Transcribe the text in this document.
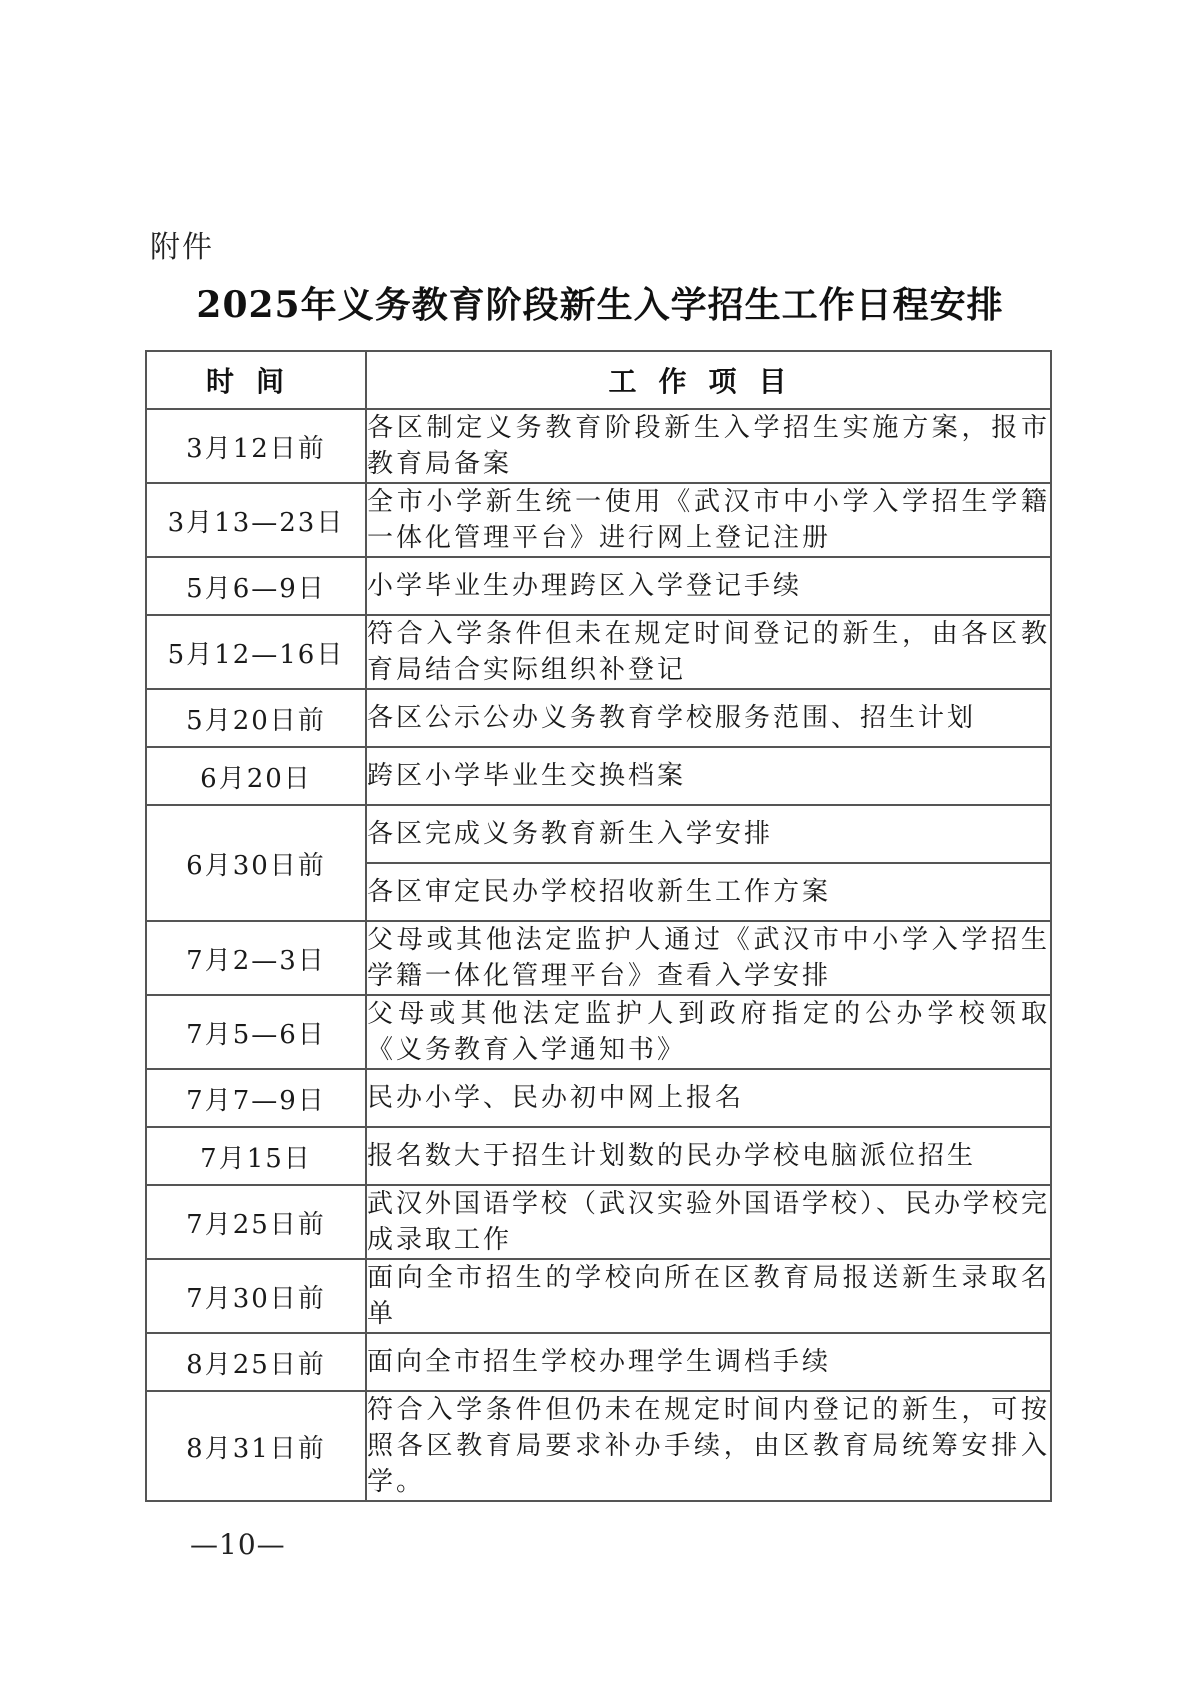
附件
2025年义务教育阶段新生入学招生工作日程安排
时间	工作项目
3月12日前	各区制定义务教育阶段新生入学招生实施方案，报市教育局备案
3月13—23日	全市小学新生统一使用《武汉市中小学入学招生学籍一体化管理平台》进行网上登记注册
5月6—9日	小学毕业生办理跨区入学登记手续
5月12—16日	符合入学条件但未在规定时间登记的新生，由各区教育局结合实际组织补登记
5月20日前	各区公示公办义务教育学校服务范围、招生计划
6月20日	跨区小学毕业生交换档案
6月30日前	各区完成义务教育新生入学安排
	各区审定民办学校招收新生工作方案
7月2—3日	父母或其他法定监护人通过《武汉市中小学入学招生学籍一体化管理平台》查看入学安排
7月5—6日	父母或其他法定监护人到政府指定的公办学校领取《义务教育入学通知书》
7月7—9日	民办小学、民办初中网上报名
7月15日	报名数大于招生计划数的民办学校电脑派位招生
7月25日前	武汉外国语学校（武汉实验外国语学校）、民办学校完成录取工作
7月30日前	面向全市招生的学校向所在区教育局报送新生录取名单
8月25日前	面向全市招生学校办理学生调档手续
8月31日前	符合入学条件但仍未在规定时间内登记的新生，可按照各区教育局要求补办手续，由区教育局统筹安排入学。
—10—
